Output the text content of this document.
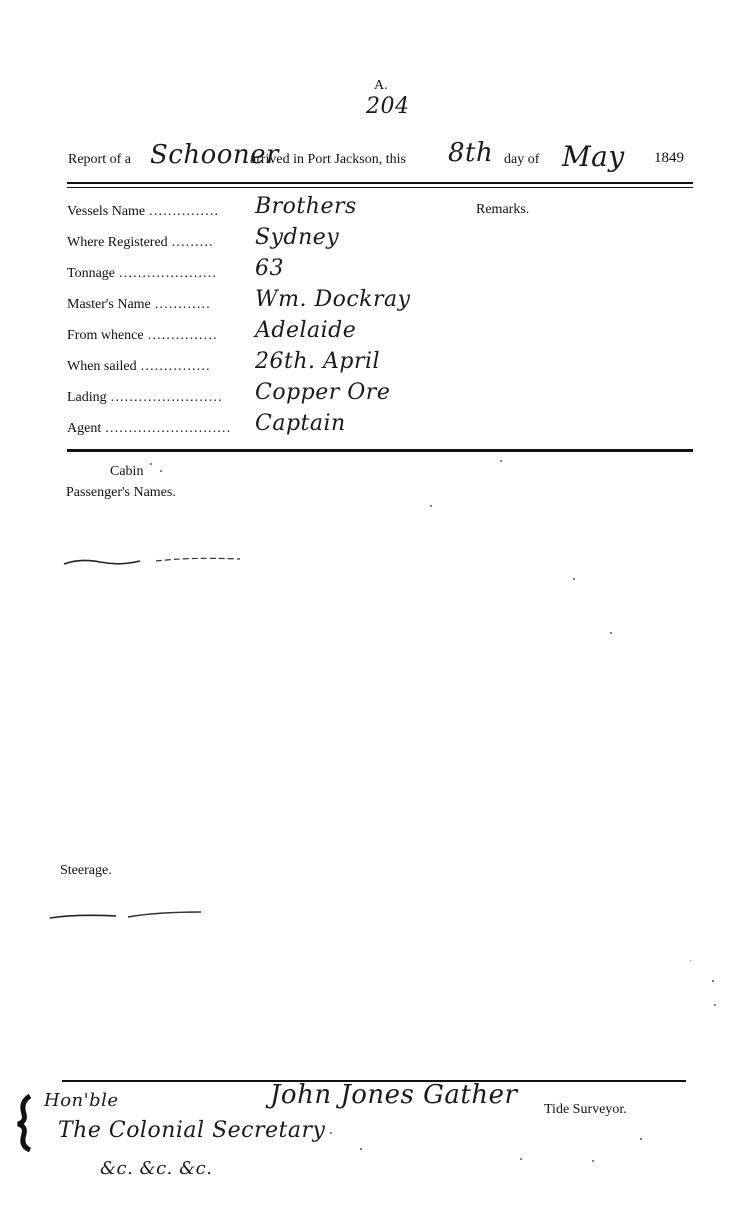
A.
204
Report of a Schooner
arrived in Port Jackson, this 8th day of May 1849
Vessels Name …………… Brothers
Where Registered ……… Sydney
Tonnage ………………… 63
Master's Name ………… Wm. Dockray
From whence …………… Adelaide
When sailed …………… 26th. April
Lading …………………… Copper Ore
Agent ……………………… Captain
Remarks.
Cabin
Passenger's Names.
Steerage.
John Jones Gather Tide Surveyor.
Hon'ble
The Colonial Secretary
&c. &c. &c.
